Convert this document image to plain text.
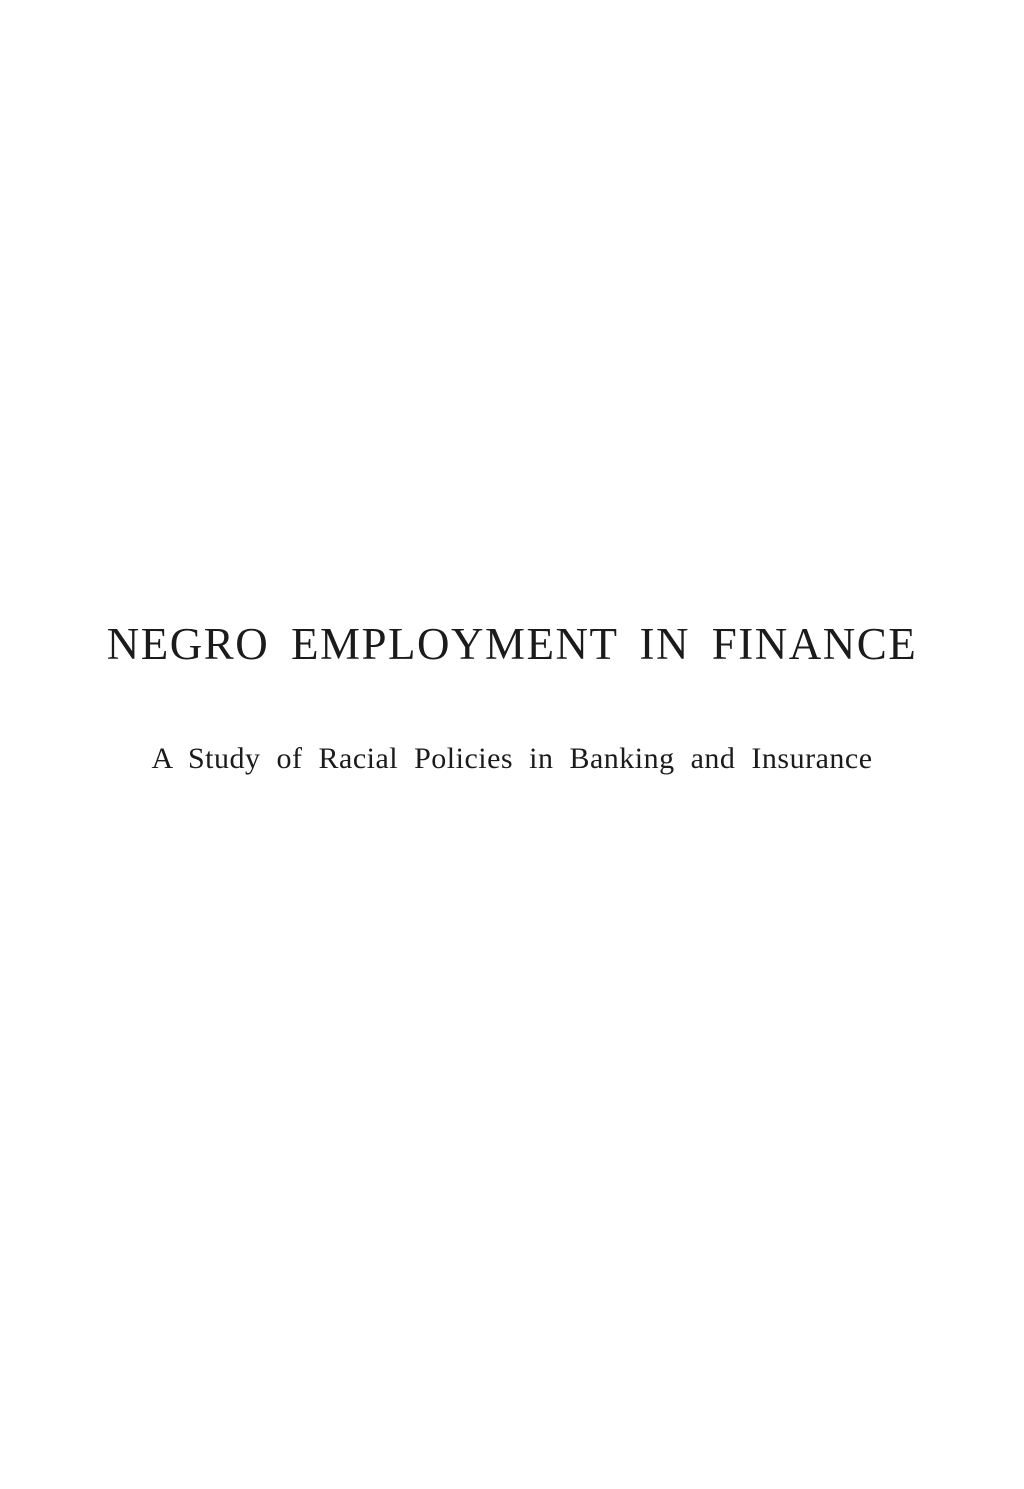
NEGRO EMPLOYMENT IN FINANCE
A Study of Racial Policies in Banking and Insurance
